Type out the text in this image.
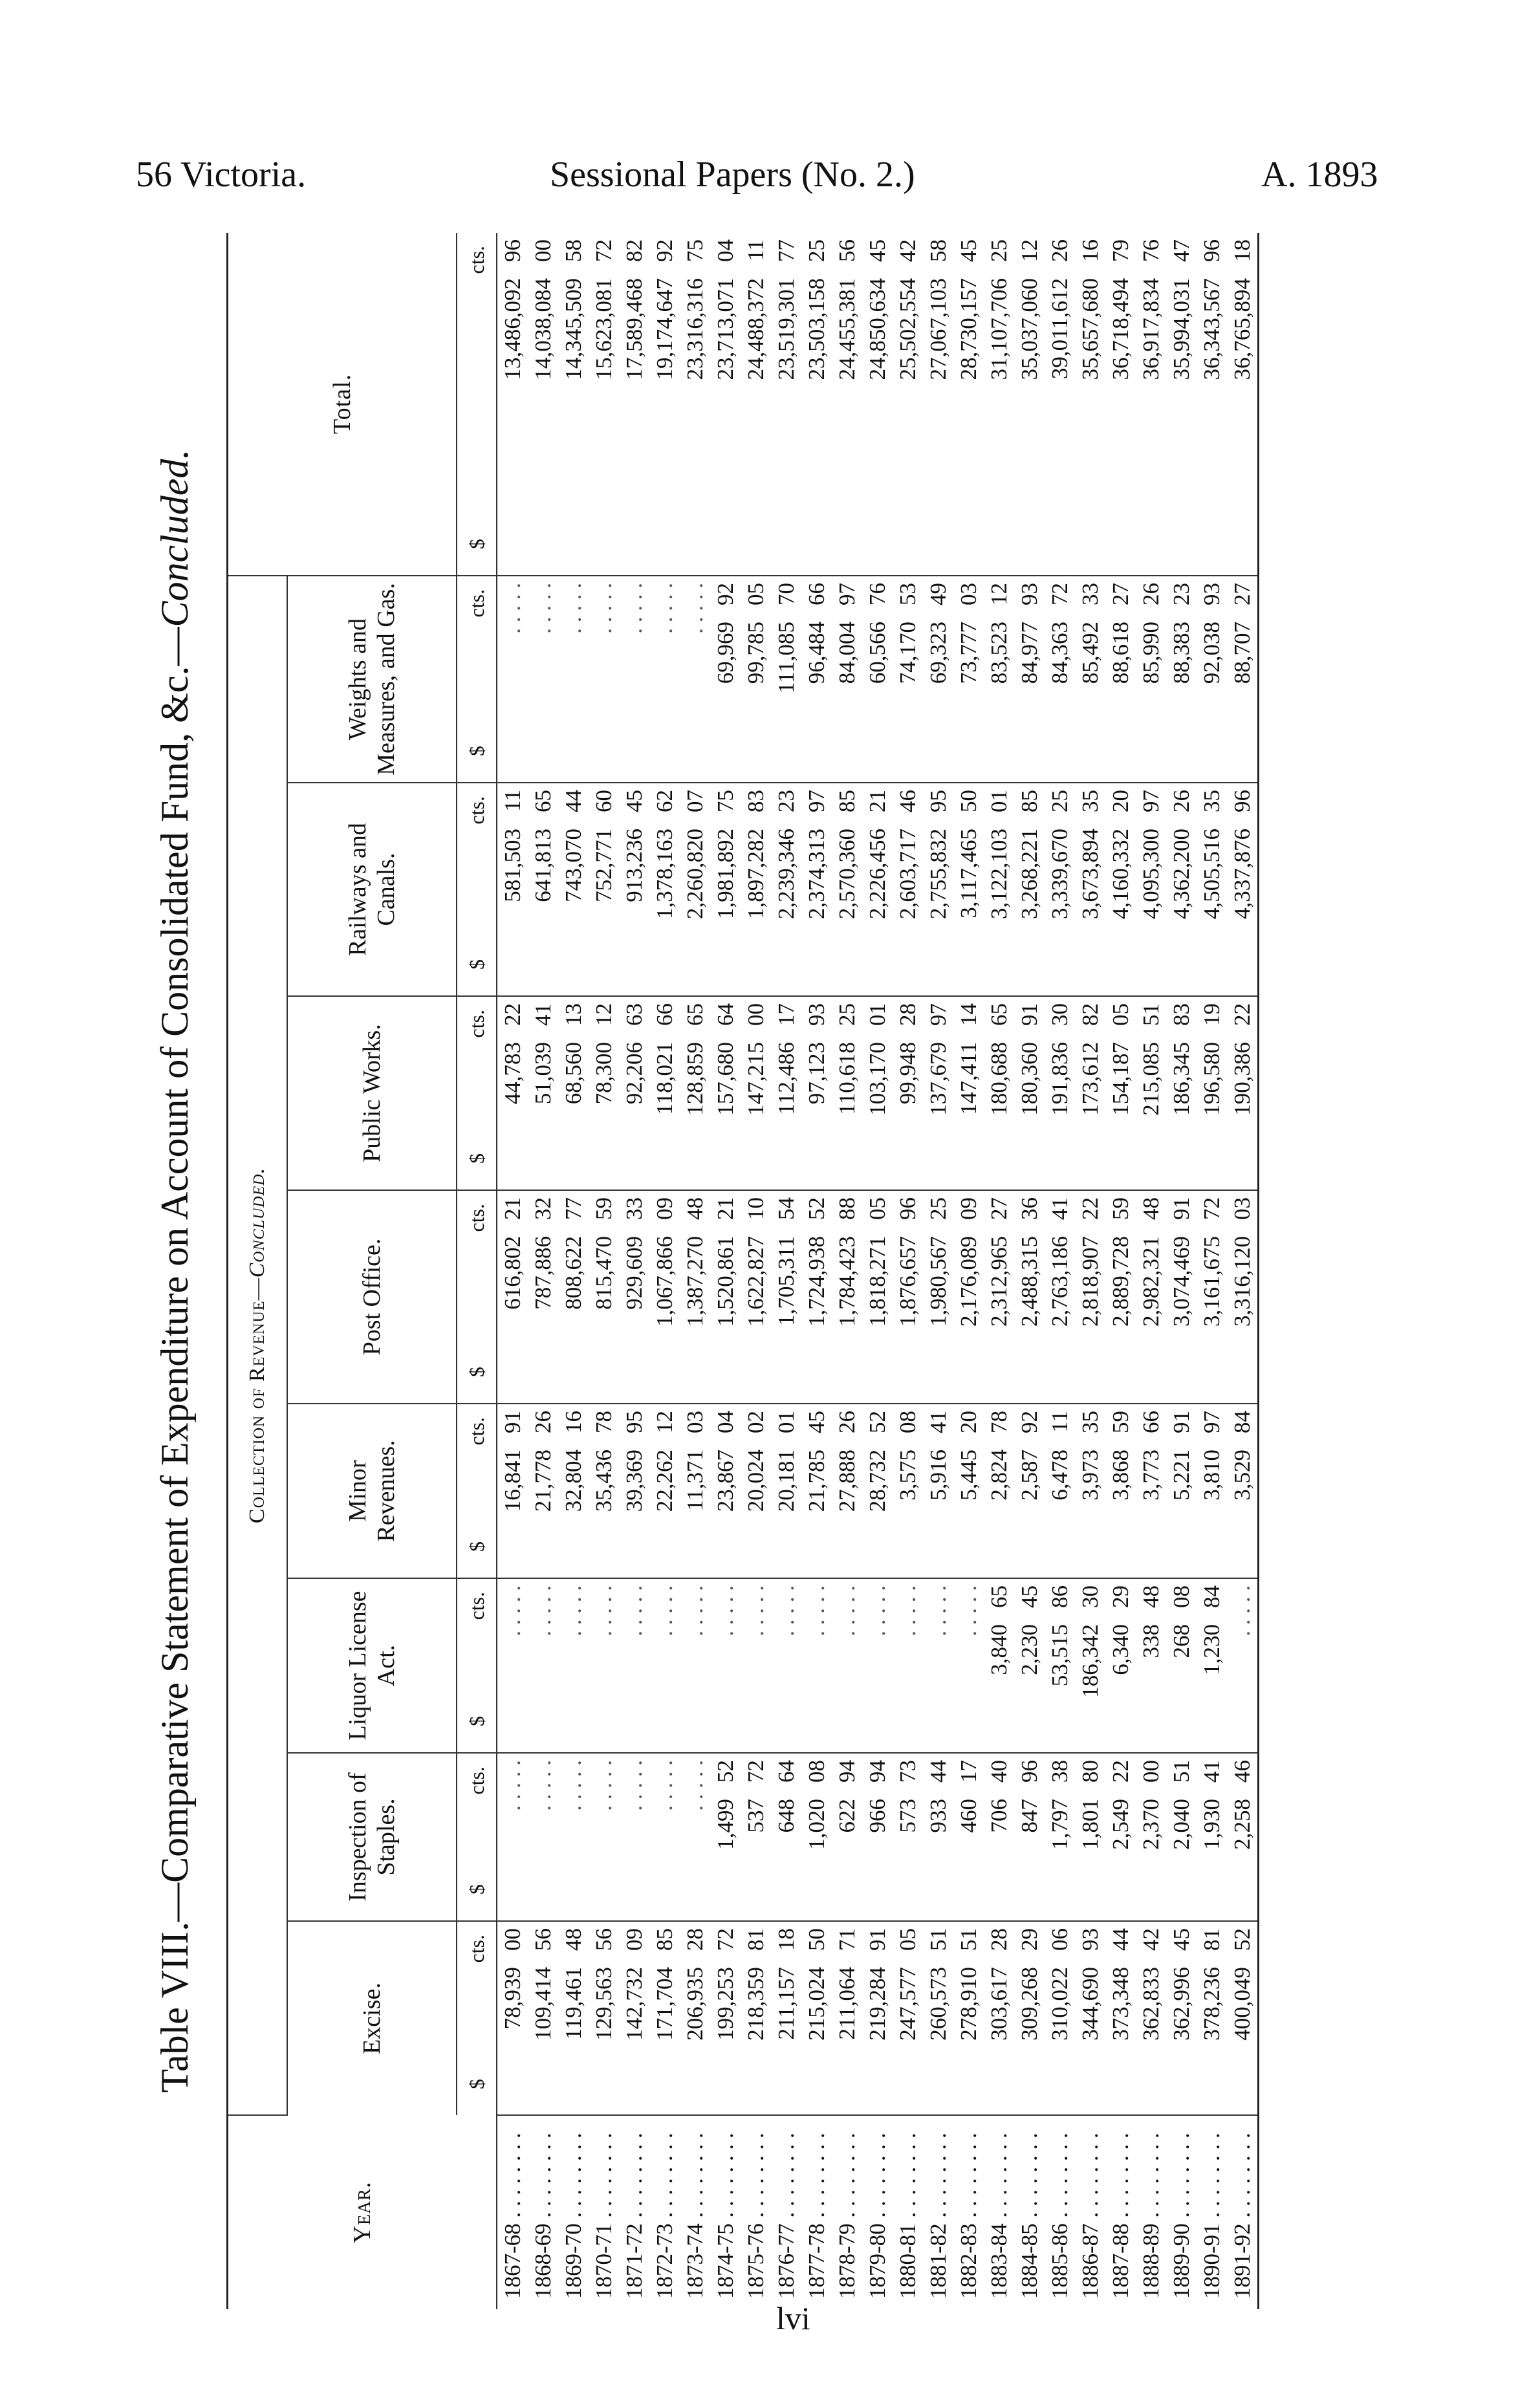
56 Victoria.	Sessional Papers (No. 2.)	A. 1893
Table VIII.—Comparative Statement of Expenditure on Account of Consolidated Fund, &c.—Concluded.
Year.	Collection of Revenue—Concluded.								Total.
	Excise.	Inspection of Staples.	Liquor License Act.	Minor Revenues.	Post Office.	Public Works.	Railways and Canals.	Weights and Measures, and Gas.	

	$
cts.	$
cts.	$
cts.	$
cts.	$
cts.	$
cts.	$
cts.	$
cts.	$
cts.

1867-68 . . . . . . . .	78,93900	. . . . .	. . . . .	16,84191	616,80221	44,78322	581,50311	. . . . .	13,486,09296
1868-69 . . . . . . . .	109,41456	. . . . .	. . . . .	21,77826	787,88632	51,03941	641,81365	. . . . .	14,038,08400
1869-70 . . . . . . . .	119,46148	. . . . .	. . . . .	32,80416	808,62277	68,56013	743,07044	. . . . .	14,345,50958
1870-71 . . . . . . . .	129,56356	. . . . .	. . . . .	35,43678	815,47059	78,30012	752,77160	. . . . .	15,623,08172
1871-72 . . . . . . . .	142,73209	. . . . .	. . . . .	39,36995	929,60933	92,20663	913,23645	. . . . .	17,589,46882
1872-73 . . . . . . . .	171,70485	. . . . .	. . . . .	22,26212	1,067,86609	118,02166	1,378,16362	. . . . .	19,174,64792
1873-74 . . . . . . . .	206,93528	. . . . .	. . . . .	11,37103	1,387,27048	128,85965	2,260,82007	. . . . .	23,316,31675
1874-75 . . . . . . . .	199,25372	1,49952	. . . . .	23,86704	1,520,86121	157,68064	1,981,89275	69,96992	23,713,07104
1875-76 . . . . . . . .	218,35981	53772	. . . . .	20,02402	1,622,82710	147,21500	1,897,28283	99,78505	24,488,37211
1876-77 . . . . . . . .	211,15718	64864	. . . . .	20,18101	1,705,31154	112,48617	2,239,34623	111,08570	23,519,30177
1877-78 . . . . . . . .	215,02450	1,02008	. . . . .	21,78545	1,724,93852	97,12393	2,374,31397	96,48466	23,503,15825
1878-79 . . . . . . . .	211,06471	62294	. . . . .	27,88826	1,784,42388	110,61825	2,570,36085	84,00497	24,455,38156
1879-80 . . . . . . . .	219,28491	96694	. . . . .	28,73252	1,818,27105	103,17001	2,226,45621	60,56676	24,850,63445
1880-81 . . . . . . . .	247,57705	57373	. . . . .	3,57508	1,876,65796	99,94828	2,603,71746	74,17053	25,502,55442
1881-82 . . . . . . . .	260,57351	93344	. . . . .	5,91641	1,980,56725	137,67997	2,755,83295	69,32349	27,067,10358
1882-83 . . . . . . . .	278,91051	46017	. . . . .	5,44520	2,176,08909	147,41114	3,117,46550	73,77703	28,730,15745
1883-84 . . . . . . . .	303,61728	70640	3,84065	2,82478	2,312,96527	180,68865	3,122,10301	83,52312	31,107,70625
1884-85 . . . . . . . .	309,26829	84796	2,23045	2,58792	2,488,31536	180,36091	3,268,22185	84,97793	35,037,06012
1885-86 . . . . . . . .	310,02206	1,79738	53,51586	6,47811	2,763,18641	191,83630	3,339,67025	84,36372	39,011,61226
1886-87 . . . . . . . .	344,69093	1,80180	186,34230	3,97335	2,818,90722	173,61282	3,673,89435	85,49233	35,657,68016
1887-88 . . . . . . . .	373,34844	2,54922	6,34029	3,86859	2,889,72859	154,18705	4,160,33220	88,61827	36,718,49479
1888-89 . . . . . . . .	362,83342	2,37000	33848	3,77366	2,982,32148	215,08551	4,095,30097	85,99026	36,917,83476
1889-90 . . . . . . . .	362,99645	2,04051	26808	5,22191	3,074,46991	186,34583	4,362,20026	88,38323	35,994,03147
1890-91 . . . . . . . .	378,23681	1,93041	1,23084	3,81097	3,161,67572	196,58019	4,505,51635	92,03893	36,343,56796
1891-92 . . . . . . . .	400,04952	2,25846	. . . . .	3,52984	3,316,12003	190,38622	4,337,87696	88,70727	36,765,89418
lvi
